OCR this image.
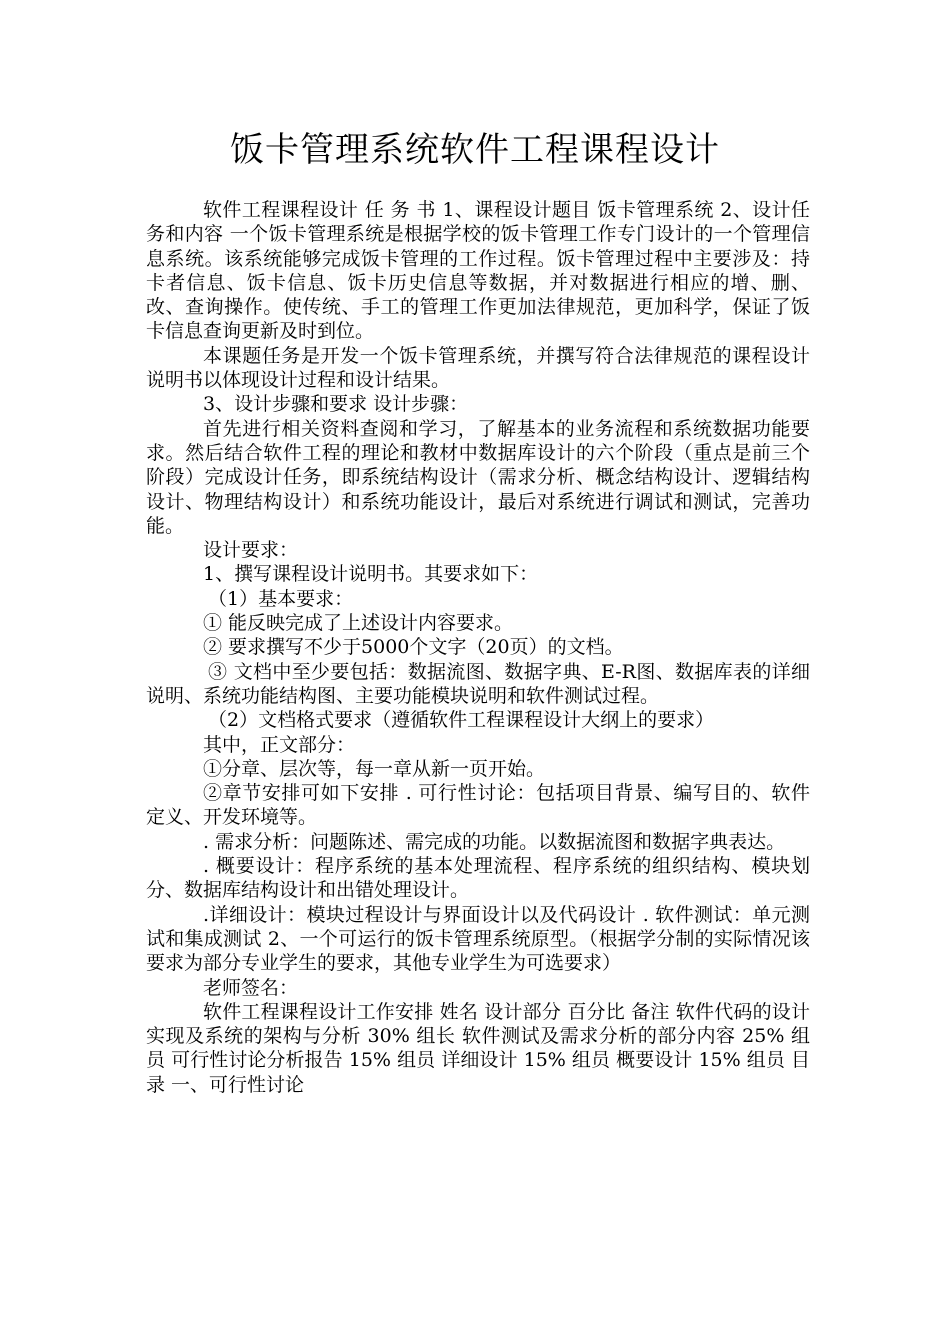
饭卡管理系统软件工程课程设计

软件工程课程设计 任 务 书 1、课程设计题目 饭卡管理系统 2、设计任务和内容 一个饭卡管理系统是根据学校的饭卡管理工作专门设计的一个管理信息系统。该系统能够完成饭卡管理的工作过程。饭卡管理过程中主要涉及：持卡者信息、饭卡信息、饭卡历史信息等数据，并对数据进行相应的增、删、改、查询操作。使传统、手工的管理工作更加法律规范，更加科学，保证了饭卡信息查询更新及时到位。

本课题任务是开发一个饭卡管理系统，并撰写符合法律规范的课程设计说明书以体现设计过程和设计结果。

3、设计步骤和要求 设计步骤：

首先进行相关资料查阅和学习，了解基本的业务流程和系统数据功能要求。然后结合软件工程的理论和教材中数据库设计的六个阶段（重点是前三个阶段）完成设计任务，即系统结构设计（需求分析、概念结构设计、逻辑结构设计、物理结构设计）和系统功能设计，最后对系统进行调试和测试，完善功能。

设计要求：

1、撰写课程设计说明书。其要求如下：

（1）基本要求：

① 能反映完成了上述设计内容要求。

② 要求撰写不少于5000个文字（20页）的文档。

③ 文档中至少要包括：数据流图、数据字典、E-R图、数据库表的详细 说明、系统功能结构图、主要功能模块说明和软件测试过程。

（2）文档格式要求（遵循软件工程课程设计大纲上的要求）

其中，正文部分：

①分章、层次等，每一章从新一页开始。

②章节安排可如下安排 . 可行性讨论：包括项目背景、编写目的、软件定义、开发环境等。

. 需求分析：问题陈述、需完成的功能。以数据流图和数据字典表达。

. 概要设计：程序系统的基本处理流程、程序系统的组织结构、模块划分、数据库结构设计和出错处理设计。

.详细设计：模块过程设计与界面设计以及代码设计 . 软件测试：单元测试和集成测试 2、一个可运行的饭卡管理系统原型。（根据学分制的实际情况该要求为部分专业学生的要求，其他专业学生为可选要求）

老师签名：

软件工程课程设计工作安排 姓名 设计部分 百分比 备注 软件代码的设计实现及系统的架构与分析 30% 组长 软件测试及需求分析的部分内容 25% 组员 可行性讨论分析报告 15% 组员 详细设计 15% 组员 概要设计 15% 组员 目录 一、可行性讨论
